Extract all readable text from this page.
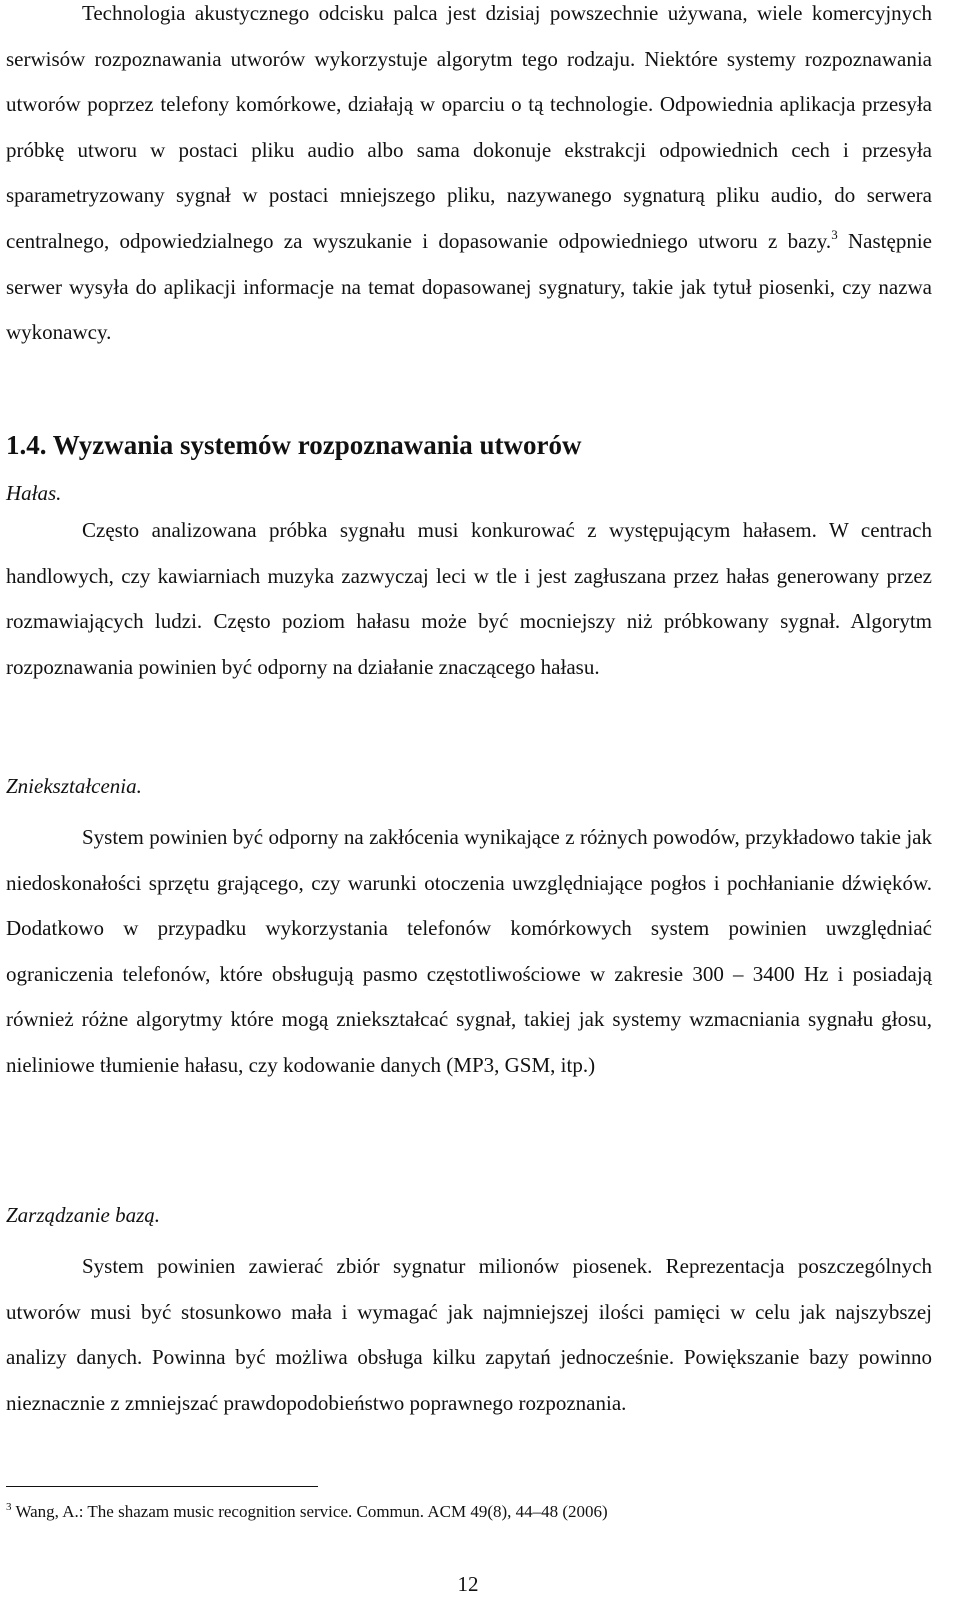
Technologia akustycznego odcisku palca jest dzisiaj powszechnie używana, wiele komercyjnych serwisów rozpoznawania utworów wykorzystuje algorytm tego rodzaju. Niektóre systemy rozpoznawania utworów poprzez telefony komórkowe, działają w oparciu o tą technologie. Odpowiednia aplikacja przesyła próbkę utworu w postaci pliku audio albo sama dokonuje ekstrakcji odpowiednich cech i przesyła sparametryzowany sygnał w postaci mniejszego pliku, nazywanego sygnaturą pliku audio, do serwera centralnego, odpowiedzialnego za wyszukanie i dopasowanie odpowiedniego utworu z bazy.$^3$ Następnie serwer wysyła do aplikacji informacje na temat dopasowanej sygnatury, takie jak tytuł piosenki, czy nazwa wykonawcy.

1.4. Wyzwania systemów rozpoznawania utworów

Hałas.

Często analizowana próbka sygnału musi konkurować z występującym hałasem. W centrach handlowych, czy kawiarniach muzyka zazwyczaj leci w tle i jest zagłuszana przez hałas generowany przez rozmawiających ludzi. Często poziom hałasu może być mocniejszy niż próbkowany sygnał. Algorytm rozpoznawania powinien być odporny na działanie znaczącego hałasu.

Zniekształcenia.

System powinien być odporny na zakłócenia wynikające z różnych powodów, przykładowo takie jak niedoskonałości sprzętu grającego, czy warunki otoczenia uwzględniające pogłos i pochłanianie dźwięków. Dodatkowo w przypadku wykorzystania telefonów komórkowych system powinien uwzględniać ograniczenia telefonów, które obsługują pasmo częstotliwościowe w zakresie 300 – 3400 Hz i posiadają również różne algorytmy które mogą zniekształcać sygnał, takiej jak systemy wzmacniania sygnału głosu, nieliniowe tłumienie hałasu, czy kodowanie danych (MP3, GSM, itp.)

Zarządzanie bazą.

System powinien zawierać zbiór sygnatur milionów piosenek. Reprezentacja poszczególnych utworów musi być stosunkowo mała i wymagać jak najmniejszej ilości pamięci w celu jak najszybszej analizy danych. Powinna być możliwa obsługa kilku zapytań jednocześnie. Powiększanie bazy powinno nieznacznie z zmniejszać prawdopodobieństwo poprawnego rozpoznania.

$^3$ Wang, A.: The shazam music recognition service. Commun. ACM 49(8), 44–48 (2006)

12
